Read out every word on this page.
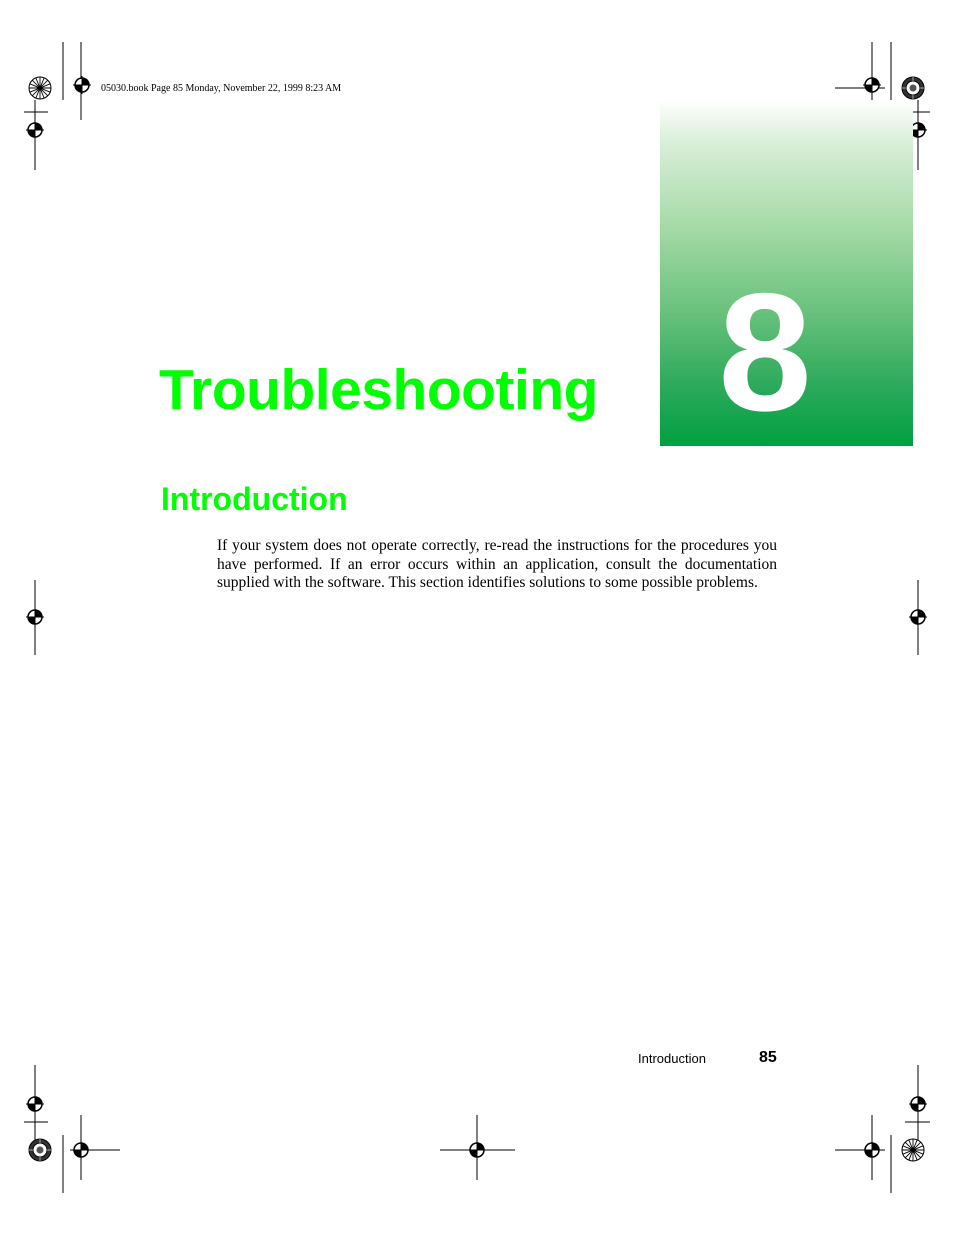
05030.book Page 85 Monday, November 22, 1999 8:23 AM
8
Troubleshooting
Introduction

If your system does not operate correctly, re-read the instructions for the procedures you have performed. If an error occurs within an application, consult the documentation supplied with the software. This section identifies solutions to some possible problems.

Introduction	85
